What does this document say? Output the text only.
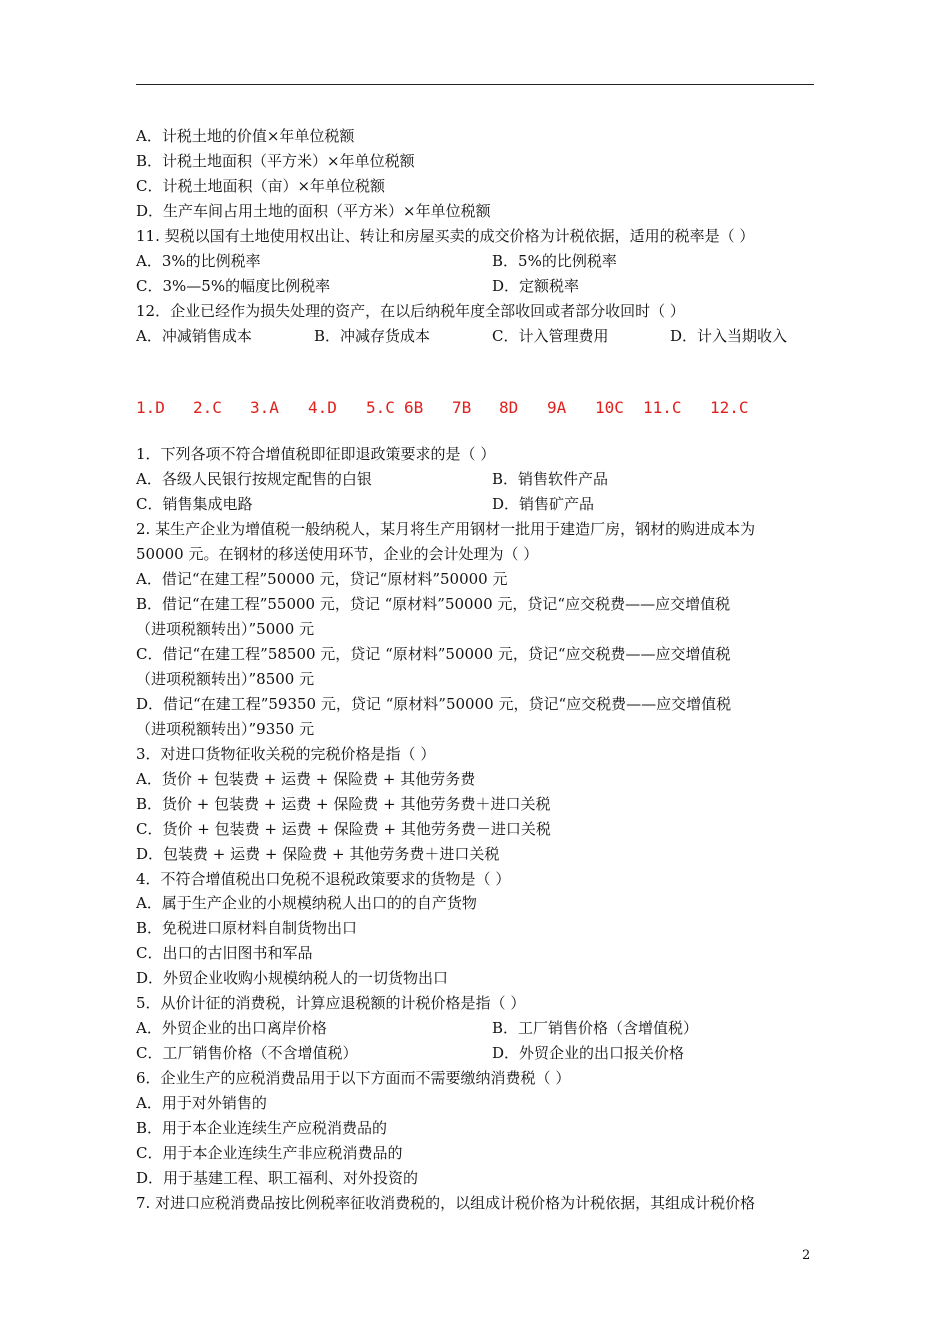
A．计税土地的价值×年单位税额
B．计税土地面积（平方米）×年单位税额
C．计税土地面积（亩）×年单位税额
D．生产车间占用土地的面积（平方米）×年单位税额
11. 契税以国有土地使用权出让、转让和房屋买卖的成交价格为计税依据，适用的税率是（ ）
A．3%的比例税率	B．5%的比例税率
C．3%—5%的幅度比例税率	D．定额税率
12．企业已经作为损失处理的资产，在以后纳税年度全部收回或者部分收回时（ ）
A．冲减销售成本	B．冲减存货成本	C．计入管理费用	D．计入当期收入
1.D 2.C 3.A 4.D 5.C 6B 7B 8D 9A 10C 11.C 12.C
1．下列各项不符合增值税即征即退政策要求的是（ ）
A．各级人民银行按规定配售的白银	B．销售软件产品
C．销售集成电路	D．销售矿产品
2. 某生产企业为增值税一般纳税人，某月将生产用钢材一批用于建造厂房，钢材的购进成本为
50000 元。在钢材的移送使用环节，企业的会计处理为（ ）
A．借记“在建工程”50000 元，贷记“原材料”50000 元
B．借记“在建工程”55000 元，贷记 “原材料”50000 元，贷记“应交税费——应交增值税
（进项税额转出）”5000 元
C．借记“在建工程”58500 元，贷记 “原材料”50000 元，贷记“应交税费——应交增值税
（进项税额转出）”8500 元
D．借记“在建工程”59350 元，贷记 “原材料”50000 元，贷记“应交税费——应交增值税
（进项税额转出）”9350 元
3．对进口货物征收关税的完税价格是指（ ）
A．货价 + 包装费 + 运费 + 保险费 + 其他劳务费
B．货价 + 包装费 + 运费 + 保险费 + 其他劳务费＋进口关税
C．货价 + 包装费 + 运费 + 保险费 + 其他劳务费－进口关税
D．包装费 + 运费 + 保险费 + 其他劳务费＋进口关税
4．不符合增值税出口免税不退税政策要求的货物是（ ）
A．属于生产企业的小规模纳税人出口的的自产货物
B．免税进口原材料自制货物出口
C．出口的古旧图书和军品
D．外贸企业收购小规模纳税人的一切货物出口
5．从价计征的消费税，计算应退税额的计税价格是指（ ）
A．外贸企业的出口离岸价格	B．工厂销售价格（含增值税）
C．工厂销售价格（不含增值税）	D．外贸企业的出口报关价格
6．企业生产的应税消费品用于以下方面而不需要缴纳消费税（ ）
A．用于对外销售的
B．用于本企业连续生产应税消费品的
C．用于本企业连续生产非应税消费品的
D．用于基建工程、职工福利、对外投资的
7. 对进口应税消费品按比例税率征收消费税的，以组成计税价格为计税依据，其组成计税价格
2
